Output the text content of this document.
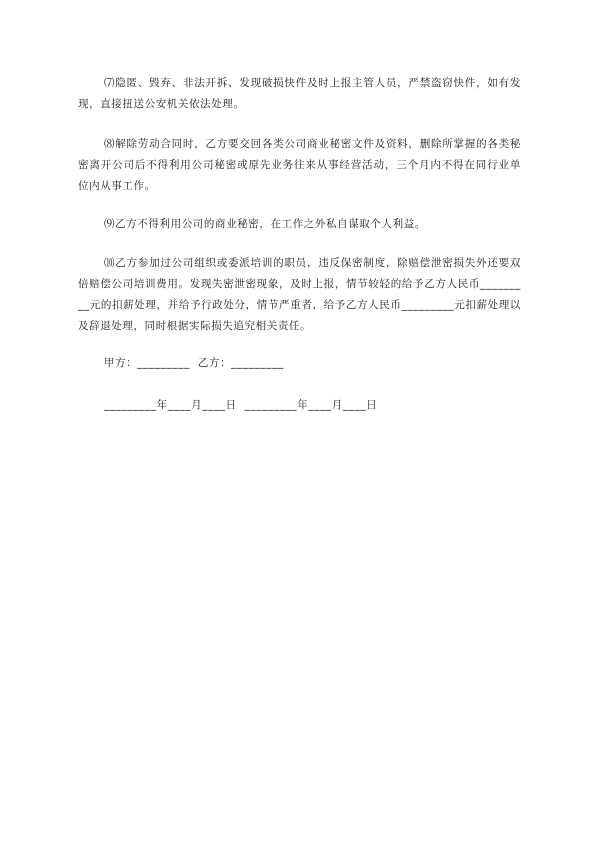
⑺隐匿、毁弃、非法开拆、发现破损快件及时上报主管人员，严禁盗窃快件，如有发现，直接扭送公安机关依法处理。

⑻解除劳动合同时，乙方要交回各类公司商业秘密文件及资料，删除所掌握的各类秘密离开公司后不得利用公司秘密或原先业务往来从事经营活动，三个月内不得在同行业单位内从事工作。

⑼乙方不得利用公司的商业秘密，在工作之外私自谋取个人利益。

⑽乙方参加过公司组织或委派培训的职员，违反保密制度，除赔偿泄密损失外还要双倍赔偿公司培训费用。发现失密泄密现象，及时上报，情节较轻的给予乙方人民币_________元的扣薪处理，并给予行政处分，情节严重者，给予乙方人民币_________元扣薪处理以及辞退处理，同时根据实际损失追究相关责任。

甲方：_________  乙方：_________

_________年____月____日  _________年____月____日
